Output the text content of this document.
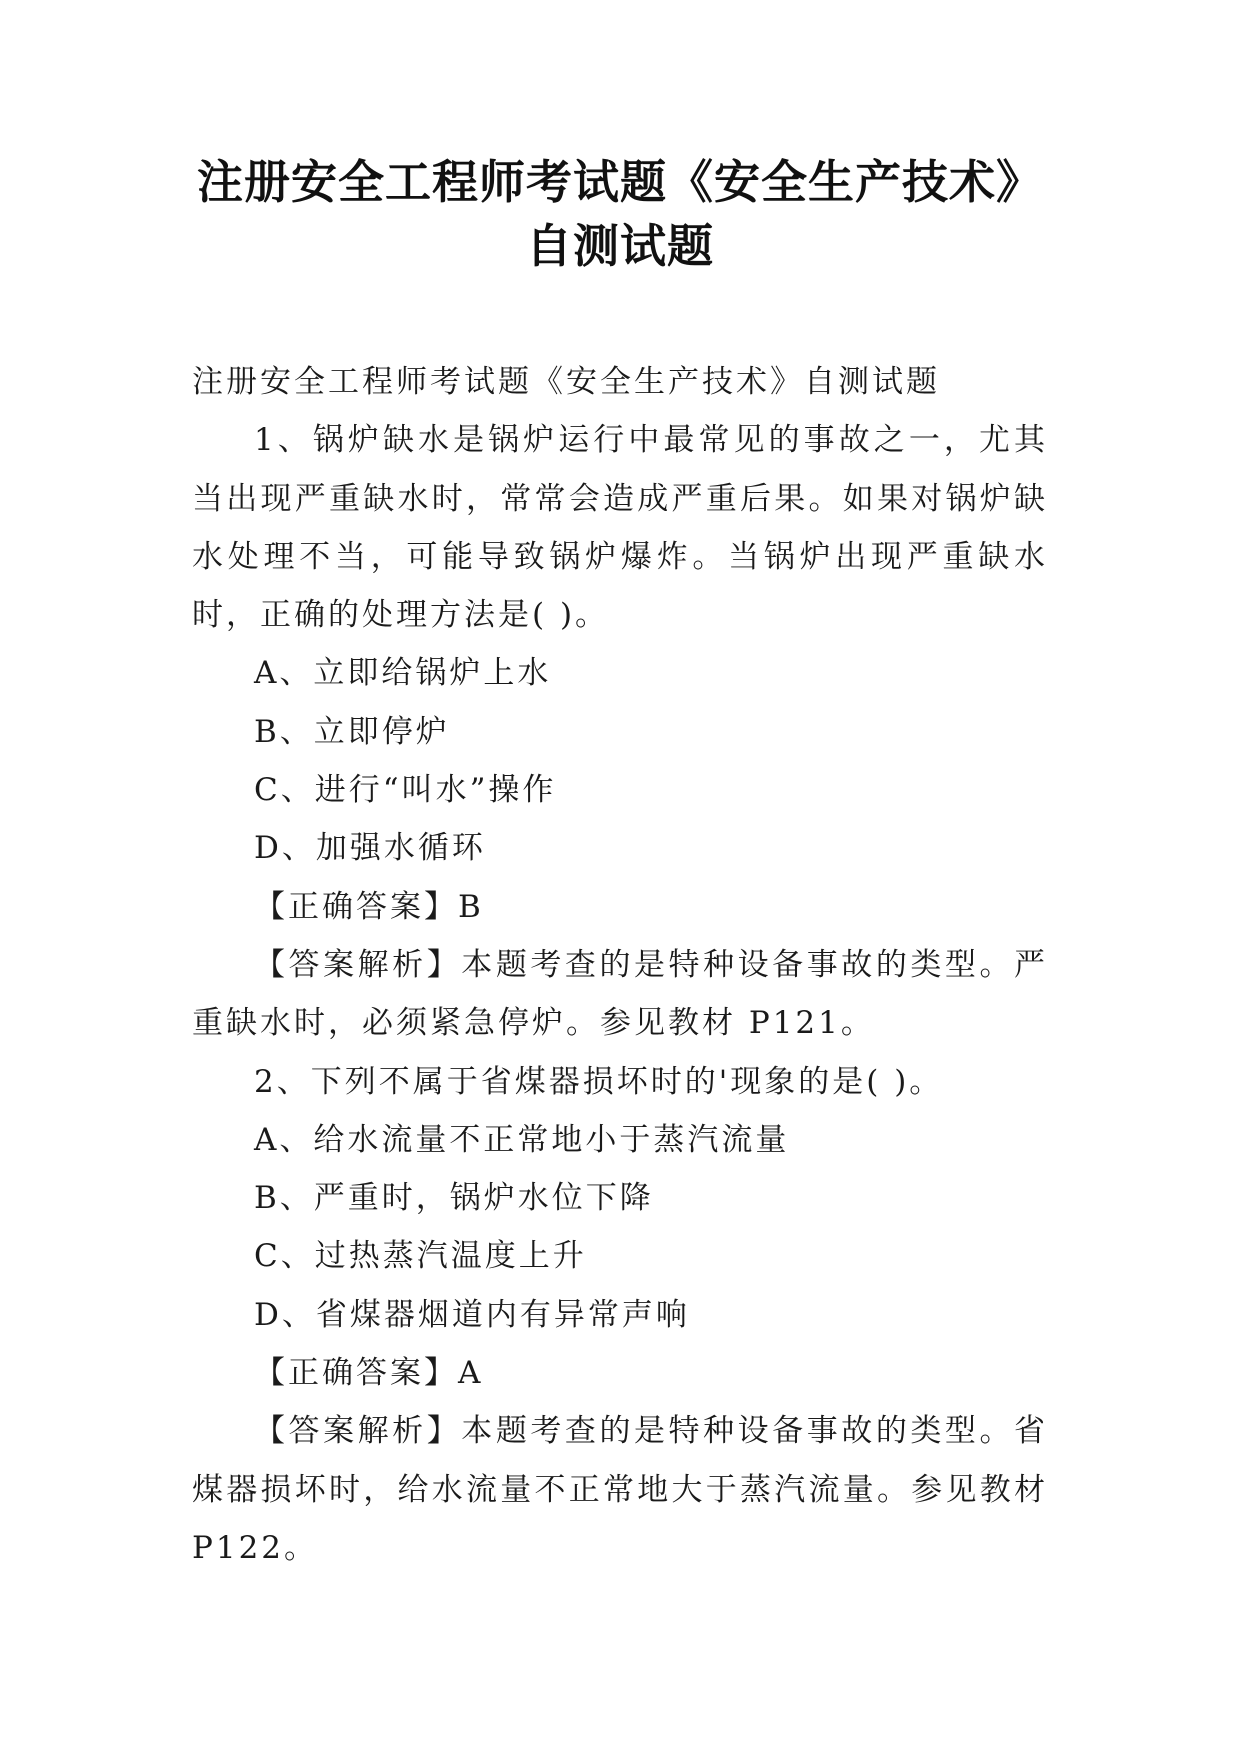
注册安全工程师考试题《安全生产技术》自测试题

注册安全工程师考试题《安全生产技术》自测试题

1、锅炉缺水是锅炉运行中最常见的事故之一，尤其当出现严重缺水时，常常会造成严重后果。如果对锅炉缺水处理不当，可能导致锅炉爆炸。当锅炉出现严重缺水时，正确的处理方法是( )。

A、立即给锅炉上水

B、立即停炉

C、进行“叫水”操作

D、加强水循环

【正确答案】B

【答案解析】本题考查的是特种设备事故的类型。严重缺水时，必须紧急停炉。参见教材 P121。

2、下列不属于省煤器损坏时的'现象的是( )。

A、给水流量不正常地小于蒸汽流量

B、严重时，锅炉水位下降

C、过热蒸汽温度上升

D、省煤器烟道内有异常声响

【正确答案】A

【答案解析】本题考查的是特种设备事故的类型。省煤器损坏时，给水流量不正常地大于蒸汽流量。参见教材 P122。
